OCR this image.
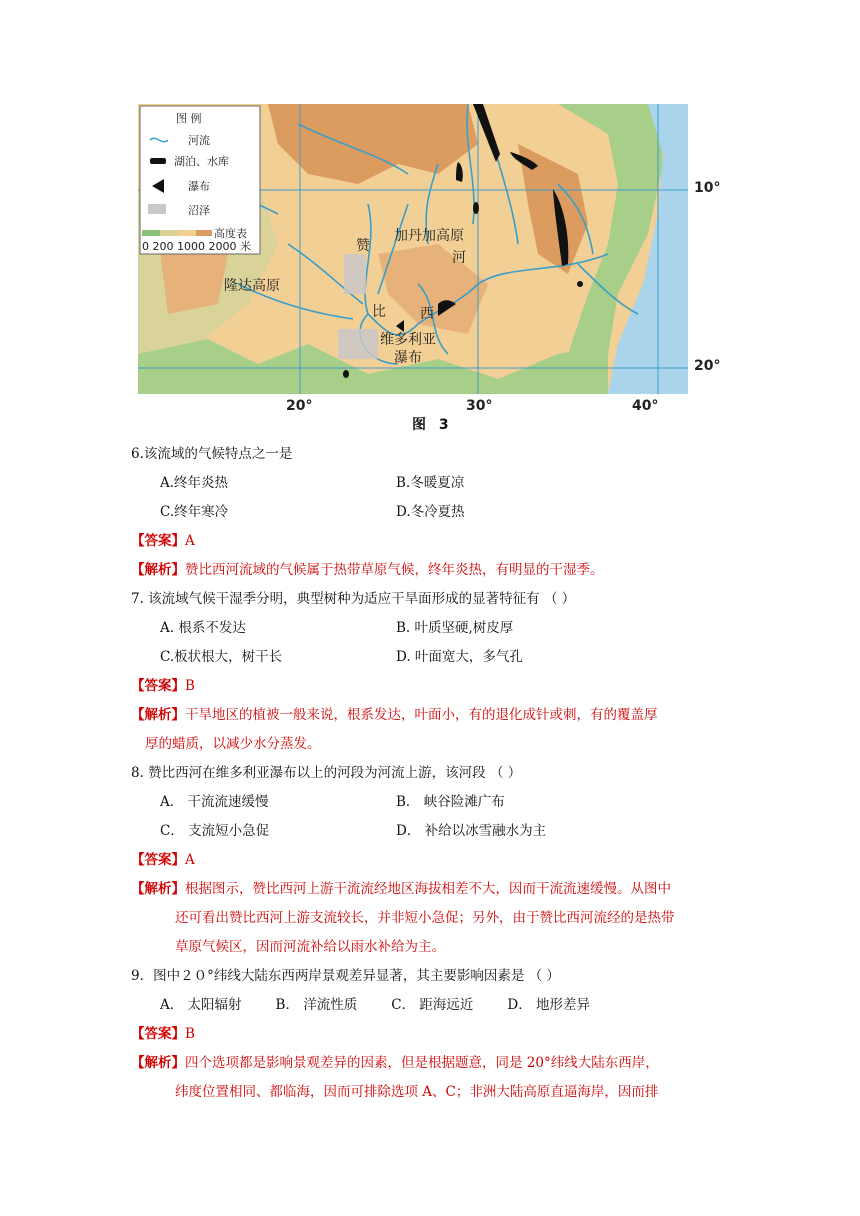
图 例
河流
湖泊、水库
瀑布
沼泽
高度表
0 200 1000 2000 米
加丹加高原
隆达高原
赞
河
比 西
维多利亚
瀑布
10°
20°
20°	30°	40°
图 3

6.该流域的气候特点之一是

A.终年炎热	B.冬暖夏凉
C.终年寒冷	D.冬冷夏热

【答案】A

【解析】赞比西河流域的气候属于热带草原气候，终年炎热，有明显的干湿季。

7. 该流域气候干湿季分明，典型树种为适应干旱面形成的显著特征有 （ ）

A. 根系不发达	B. 叶质坚硬,树皮厚
C.板状根大，树干长	D. 叶面宽大，多气孔

【答案】B

【解析】干旱地区的植被一般来说，根系发达，叶面小，有的退化成针或刺，有的覆盖厚

厚的蜡质，以减少水分蒸发。

8. 赞比西河在维多利亚瀑布以上的河段为河流上游，该河段 （ ）

A． 干流流速缓慢	B． 峡谷险滩广布
C． 支流短小急促	D． 补给以冰雪融水为主

【答案】A

【解析】根据图示，赞比西河上游干流流经地区海拔相差不大，因而干流流速缓慢。从图中

还可看出赞比西河上游支流较长，并非短小急促；另外，由于赞比西河流经的是热带

草原气候区，因而河流补给以雨水补给为主。

9．图中２０°纬线大陆东西两岸景观差异显著，其主要影响因素是 （ ）

A． 太阳辐射	B． 洋流性质	C． 距海远近	D． 地形差异

【答案】B

【解析】四个选项都是影响景观差异的因素，但是根据题意，同是 20°纬线大陆东西岸，

纬度位置相同、都临海，因而可排除选项 A、C；非洲大陆高原直逼海岸，因而排
